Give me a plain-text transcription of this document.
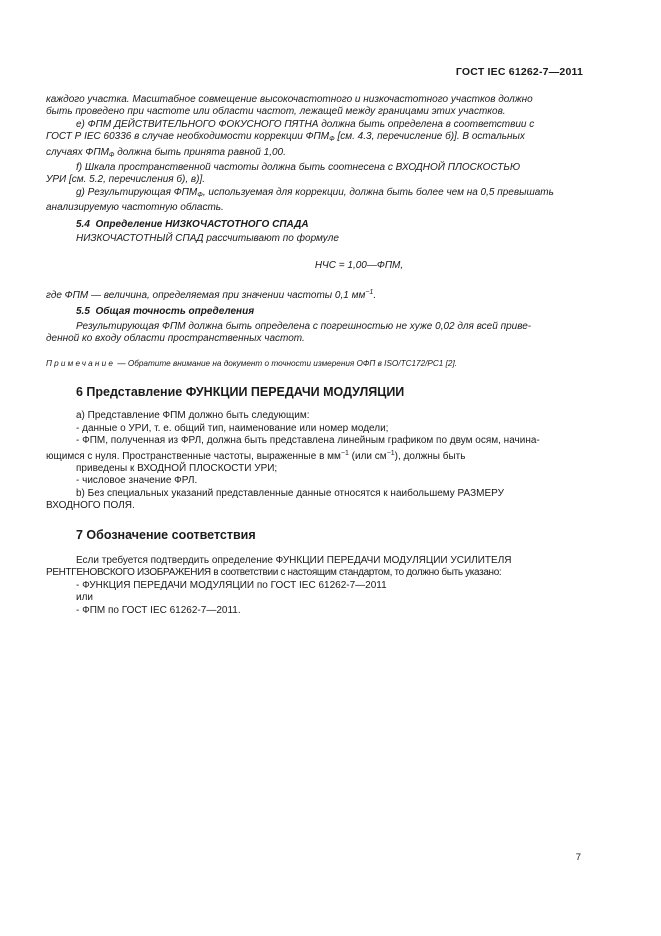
ГОСТ IEC 61262-7—2011

каждого участка. Масштабное совмещение высокочастотного и низкочастотного участков должно

быть проведено при частоте или области частот, лежащей между границами этих участков.

e) ФПМ ДЕЙСТВИТЕЛЬНОГО ФОКУСНОГО ПЯТНА должна быть определена в соответствии с

ГОСТ Р IEC 60336 в случае необходимости коррекции $ФПМ_Ф$ [см. 4.3, перечисление б)]. В остальных

случаях $ФПМ_Ф$ должна быть принята равной 1,00.

f) Шкала пространственной частоты должна быть соотнесена с ВХОДНОЙ ПЛОСКОСТЬЮ

УРИ [см. 5.2, перечисления б), в)].

g) Результирующая $ФПМ_Ф$, используемая для коррекции, должна быть более чем на 0,5 превышать

анализируемую частотную область.

5.4 Определение НИЗКОЧАСТОТНОГО СПАДА

НИЗКОЧАСТОТНЫЙ СПАД рассчитывают по формуле

НЧС = 1,00—ФПМ,

где ФПМ — величина, определяемая при значении частоты 0,1 $мм^{-1}$.

5.5 Общая точность определения

Результирующая ФПМ должна быть определена с погрешностью не хуже 0,02 для всей приве-

денной ко входу области пространственных частот.

Примечание — Обратите внимание на документ о точности измерения ОФП в ISO/TC172/PC1 [2].

6 Представление ФУНКЦИИ ПЕРЕДАЧИ МОДУЛЯЦИИ

а) Представление ФПМ должно быть следующим:

- данные о УРИ, т. е. общий тип, наименование или номер модели;

- ФПМ, полученная из ФРЛ, должна быть представлена линейным графиком по двум осям, начина-

ющимся с нуля. Пространственные частоты, выраженные в $мм^{-1}$ (или $см^{-1}$), должны быть

приведены к ВХОДНОЙ ПЛОСКОСТИ УРИ;

- числовое значение ФРЛ.

b) Без специальных указаний представленные данные относятся к наибольшему РАЗМЕРУ

ВХОДНОГО ПОЛЯ.

7 Обозначение соответствия

Если требуется подтвердить определение ФУНКЦИИ ПЕРЕДАЧИ МОДУЛЯЦИИ УСИЛИТЕЛЯ

РЕНТГЕНОВСКОГО ИЗОБРАЖЕНИЯ в соответствии с настоящим стандартом, то должно быть указано:

- ФУНКЦИЯ ПЕРЕДАЧИ МОДУЛЯЦИИ по ГОСТ IEC 61262-7—2011

или

- ФПМ по ГОСТ IEC 61262-7—2011.

7
